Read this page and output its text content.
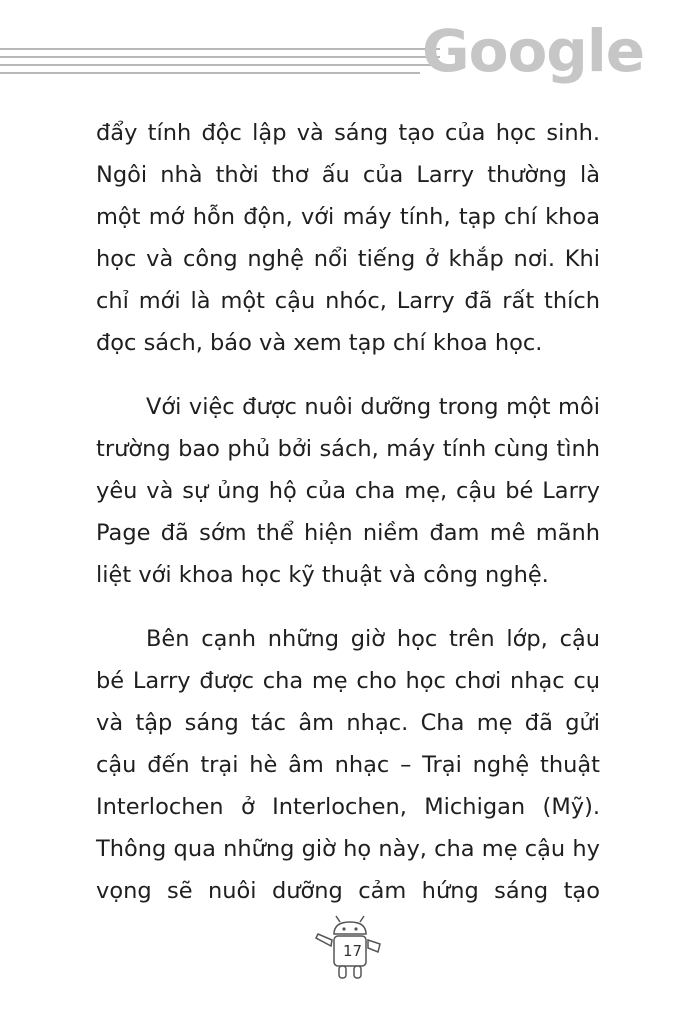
Google

đẩy tính độc lập và sáng tạo của học sinh. Ngôi nhà thời thơ ấu của Larry thường là một mớ hỗn độn, với máy tính, tạp chí khoa học và công nghệ nổi tiếng ở khắp nơi. Khi chỉ mới là một cậu nhóc, Larry đã rất thích đọc sách, báo và xem tạp chí khoa học.

Với việc được nuôi dưỡng trong một môi trường bao phủ bởi sách, máy tính cùng tình yêu và sự ủng hộ của cha mẹ, cậu bé Larry Page đã sớm thể hiện niềm đam mê mãnh liệt với khoa học kỹ thuật và công nghệ.

Bên cạnh những giờ học trên lớp, cậu bé Larry được cha mẹ cho học chơi nhạc cụ và tập sáng tác âm nhạc. Cha mẹ đã gửi cậu đến trại hè âm nhạc – Trại nghệ thuật Interlochen ở Interlochen, Michigan (Mỹ). Thông qua những giờ họ này, cha mẹ cậu hy vọng sẽ nuôi dưỡng cảm hứng sáng tạo

17
